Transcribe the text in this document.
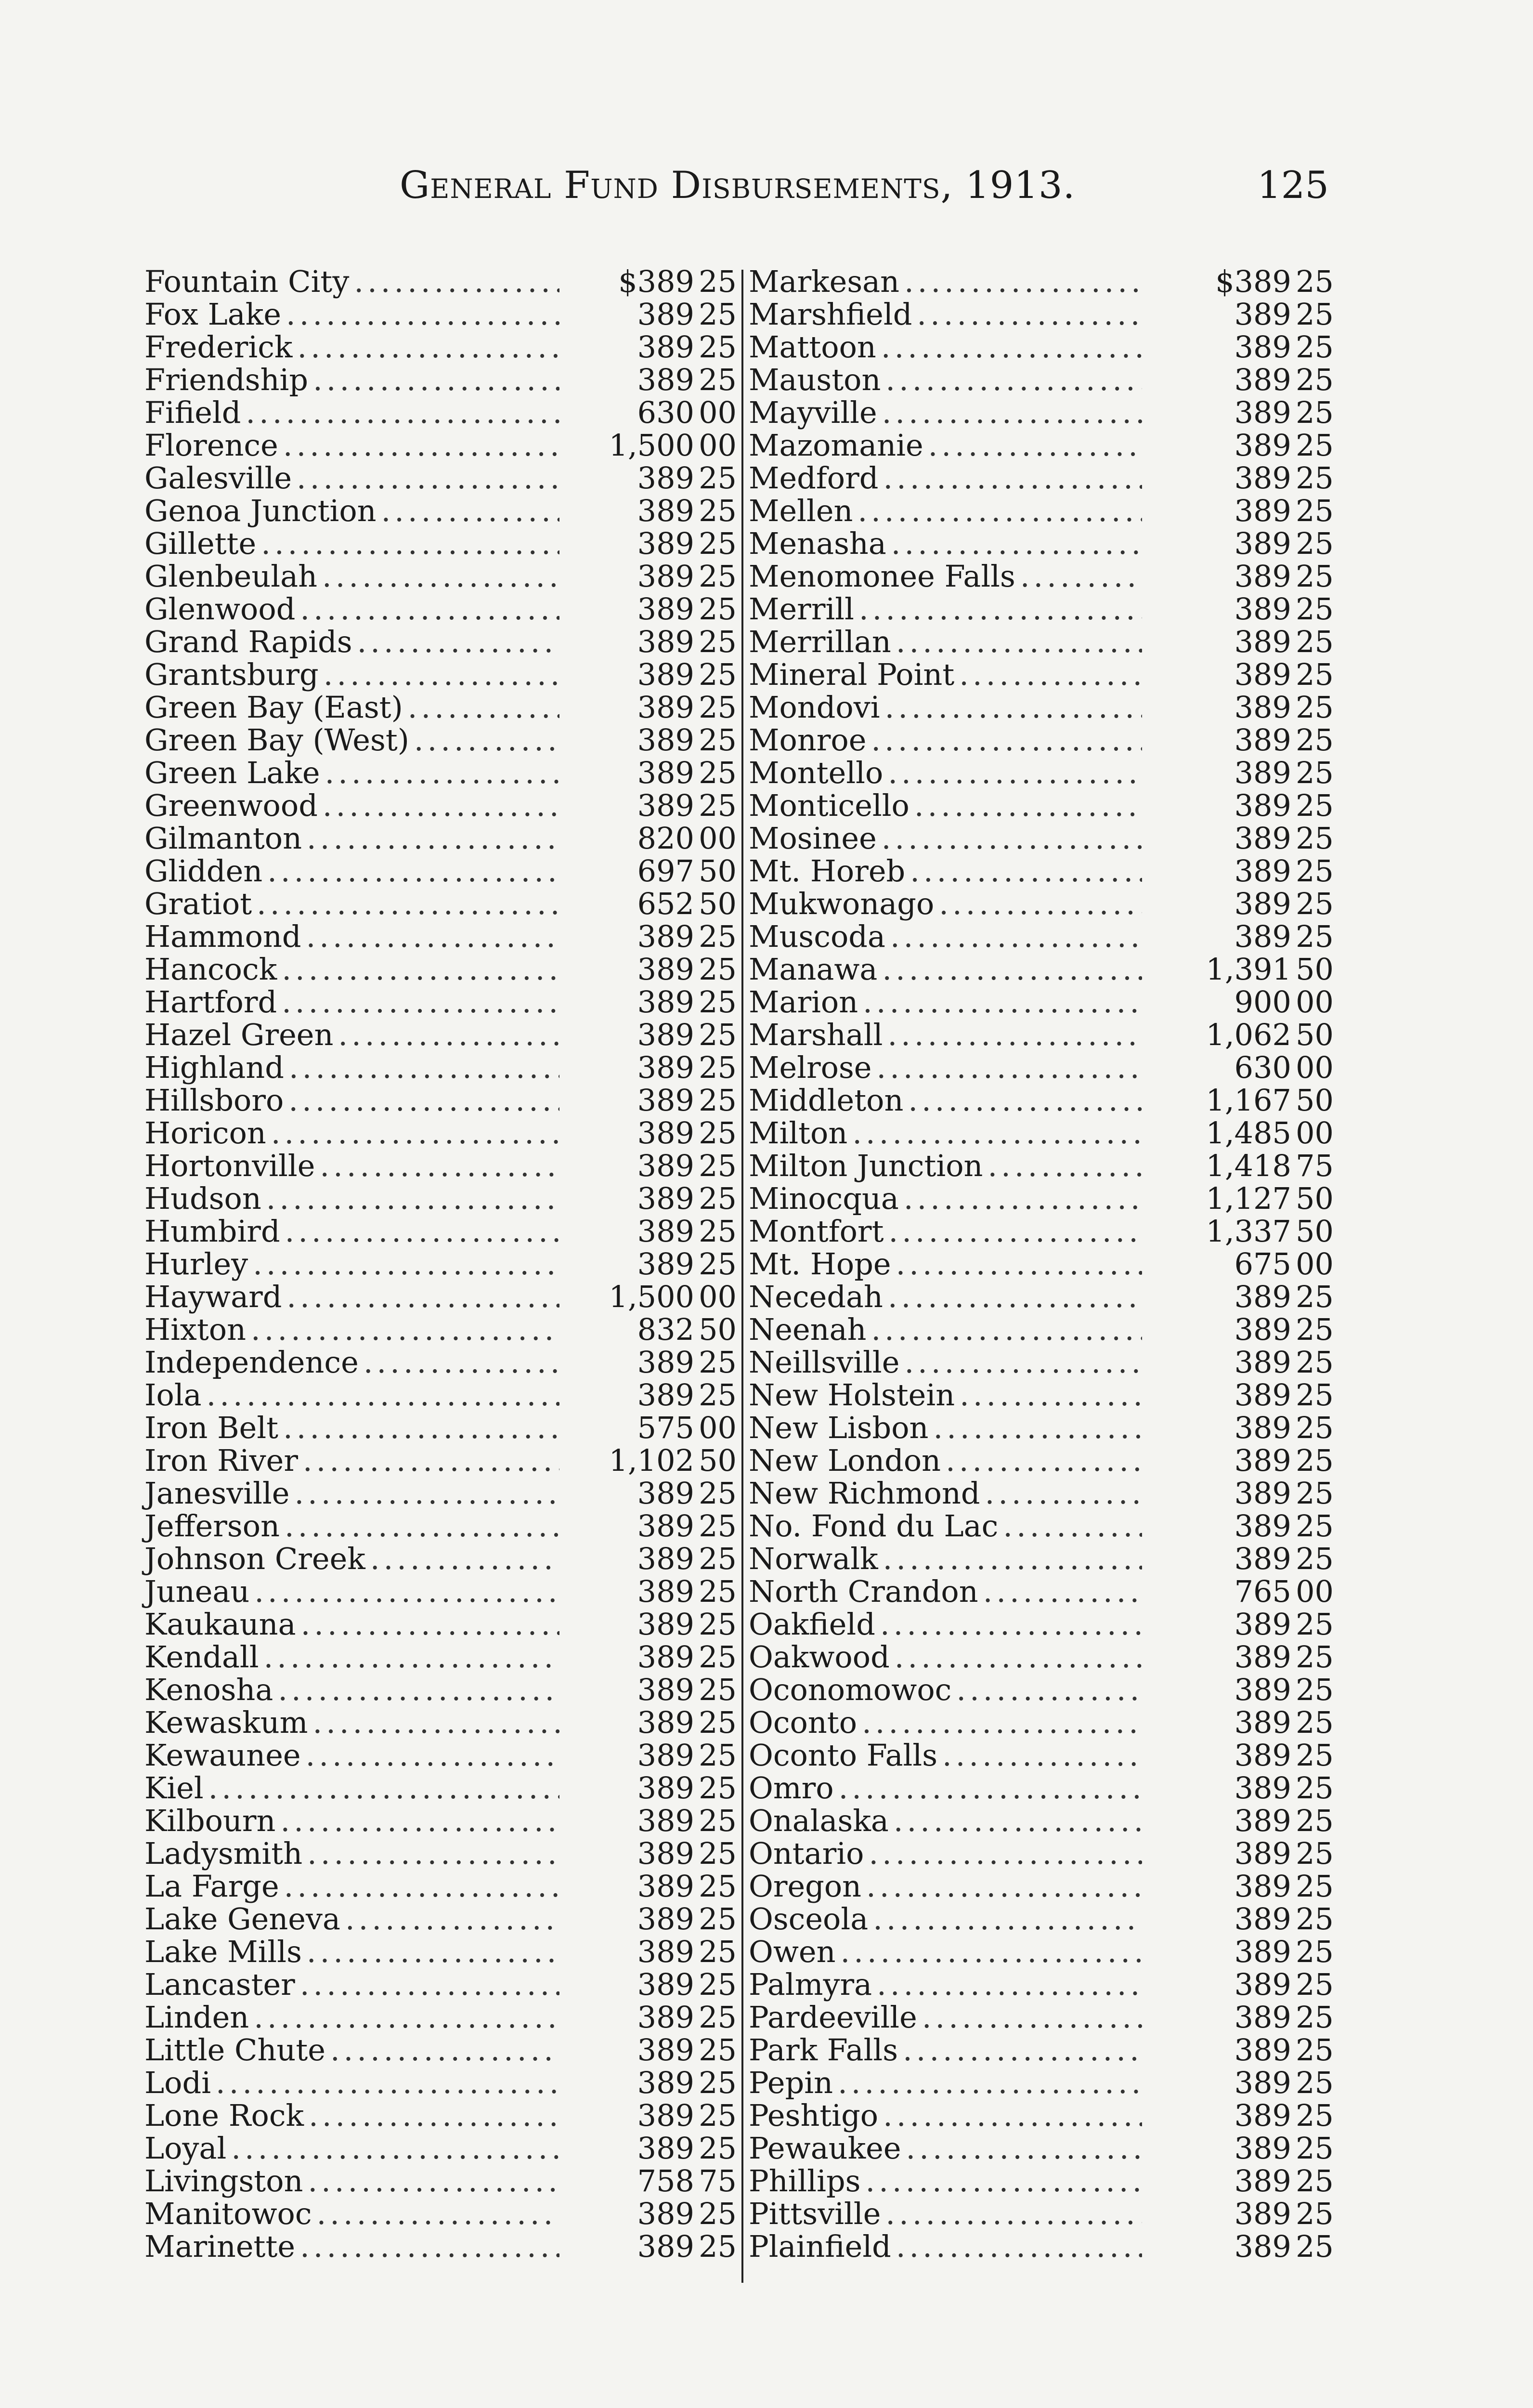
General Fund Disbursements, 1913.	125
Fountain City .....	$389 25
Fox Lake .....	389 25
Frederick .....	389 25
Friendship .....	389 25
Fifield .....	630 00
Florence .....	1,500 00
Galesville .....	389 25
Genoa Junction .....	389 25
Gillette .....	389 25
Glenbeulah .....	389 25
Glenwood .....	389 25
Grand Rapids .....	389 25
Grantsburg .....	389 25
Green Bay (East) .....	389 25
Green Bay (West) .....	389 25
Green Lake .....	389 25
Greenwood .....	389 25
Gilmanton .....	820 00
Glidden .....	697 50
Gratiot .....	652 50
Hammond .....	389 25
Hancock .....	389 25
Hartford .....	389 25
Hazel Green .....	389 25
Highland .....	389 25
Hillsboro .....	389 25
Horicon .....	389 25
Hortonville .....	389 25
Hudson .....	389 25
Humbird .....	389 25
Hurley .....	389 25
Hayward .....	1,500 00
Hixton .....	832 50
Independence .....	389 25
Iola .....	389 25
Iron Belt .....	575 00
Iron River .....	1,102 50
Janesville .....	389 25
Jefferson .....	389 25
Johnson Creek .....	389 25
Juneau .....	389 25
Kaukauna .....	389 25
Kendall .....	389 25
Kenosha .....	389 25
Kewaskum .....	389 25
Kewaunee .....	389 25
Kiel .....	389 25
Kilbourn .....	389 25
Ladysmith .....	389 25
La Farge .....	389 25
Lake Geneva .....	389 25
Lake Mills .....	389 25
Lancaster .....	389 25
Linden .....	389 25
Little Chute .....	389 25
Lodi .....	389 25
Lone Rock .....	389 25
Loyal .....	389 25
Livingston .....	758 75
Manitowoc .....	389 25
Marinette .....	389 25
Markesan .....	$389 25
Marshfield .....	389 25
Mattoon .....	389 25
Mauston .....	389 25
Mayville .....	389 25
Mazomanie .....	389 25
Medford .....	389 25
Mellen .....	389 25
Menasha .....	389 25
Menomonee Falls .....	389 25
Merrill .....	389 25
Merrillan .....	389 25
Mineral Point .....	389 25
Mondovi .....	389 25
Monroe .....	389 25
Montello .....	389 25
Monticello .....	389 25
Mosinee .....	389 25
Mt. Horeb .....	389 25
Mukwonago .....	389 25
Muscoda .....	389 25
Manawa .....	1,391 50
Marion .....	900 00
Marshall .....	1,062 50
Melrose .....	630 00
Middleton .....	1,167 50
Milton .....	1,485 00
Milton Junction .....	1,418 75
Minocqua .....	1,127 50
Montfort .....	1,337 50
Mt. Hope .....	675 00
Necedah .....	389 25
Neenah .....	389 25
Neillsville .....	389 25
New Holstein .....	389 25
New Lisbon .....	389 25
New London .....	389 25
New Richmond .....	389 25
No. Fond du Lac .....	389 25
Norwalk .....	389 25
North Crandon .....	765 00
Oakfield .....	389 25
Oakwood .....	389 25
Oconomowoc .....	389 25
Oconto .....	389 25
Oconto Falls .....	389 25
Omro .....	389 25
Onalaska .....	389 25
Ontario .....	389 25
Oregon .....	389 25
Osceola .....	389 25
Owen .....	389 25
Palmyra .....	389 25
Pardeeville .....	389 25
Park Falls .....	389 25
Pepin .....	389 25
Peshtigo .....	389 25
Pewaukee .....	389 25
Phillips .....	389 25
Pittsville .....	389 25
Plainfield .....	389 25
